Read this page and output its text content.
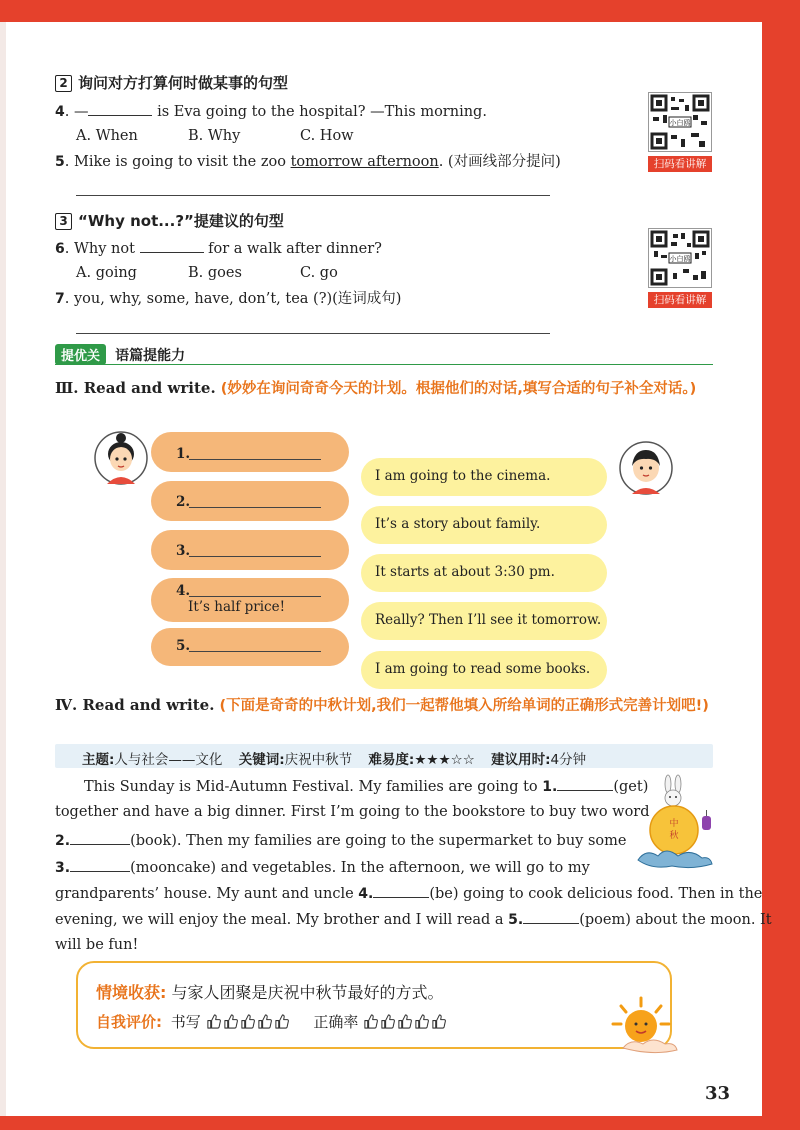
2 询问对方打算何时做某事的句型
4. —	is Eva going to the hospital? —This morning.
A. When	B. Why	C. How
5. Mike is going to visit the zoo tomorrow afternoon. (对画线部分提问)
小白鸥
扫码看讲解
3 “Why not...?”提建议的句型
6. Why not	for a walk after dinner?
A. going	B. goes	C. go
7. you, why, some, have, don’t, tea (?)(连词成句)
小白鸥
扫码看讲解
提优关 语篇提能力
Ⅲ. Read and write. (妙妙在询问奇奇今天的计划。根据他们的对话,填写合适的句子补全对话。)
1.
2.
3.
4.
It’s half price!
5.
I am going to the cinema.
It’s a story about family.
It starts at about 3:30 pm.
Really? Then I’ll see it tomorrow.
I am going to read some books.
Ⅳ. Read and write. (下面是奇奇的中秋计划,我们一起帮他填入所给单词的正确形式完善计划吧!)
主题:人与社会——文化 关键词:庆祝中秋节 难易度:★★★☆☆ 建议用时:4分钟
This Sunday is Mid-Autumn Festival. My families are going to 1.	(get)
together and have a big dinner. First I’m going to the bookstore to buy two word
2.	(book). Then my families are going to the supermarket to buy some
3.	(mooncake) and vegetables. In the afternoon, we will go to my
grandparents’ house. My aunt and uncle 4.	(be) going to cook delicious food. Then in the
evening, we will enjoy the meal. My brother and I will read a 5.	(poem) about the moon. It
will be fun!
中
秋
情境收获: 与家人团聚是庆祝中秋节最好的方式。
自我评价: 书写	正确率
33
